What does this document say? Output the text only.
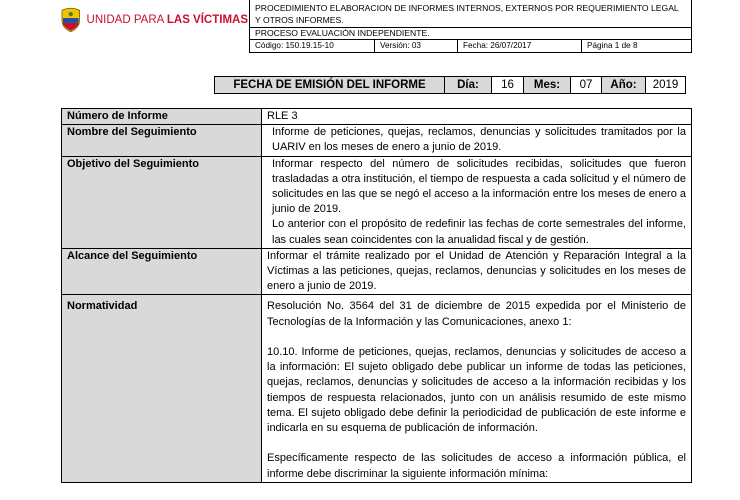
UNIDAD PARA LAS VÍCTIMAS
PROCEDIMIENTO ELABORACION DE INFORMES INTERNOS, EXTERNOS POR REQUERIMIENTO LEGAL Y OTROS INFORMES.
PROCESO EVALUACIÓN INDEPENDIENTE.
Código: 150.19.15-10	Versión: 03	Fecha: 26/07/2017	Página 1 de 8
FECHA DE EMISIÓN DEL INFORME	Día:	16	Mes:	07	Año:	2019
Número de Informe	RLE 3
Nombre del Seguimiento	Informe de peticiones, quejas, reclamos, denuncias y solicitudes tramitados por la UARIV en los meses de enero a junio de 2019.
Objetivo del Seguimiento	Informar respecto del número de solicitudes recibidas, solicitudes que fueron trasladadas a otra institución, el tiempo de respuesta a cada solicitud y el número de solicitudes en las que se negó el acceso a la información entre los meses de enero a junio de 2019.

Lo anterior con el propósito de redefinir las fechas de corte semestrales del informe, las cuales sean coincidentes con la anualidad fiscal y de gestión.

Alcance del Seguimiento	Informar el trámite realizado por el Unidad de Atención y Reparación Integral a la Víctimas a las peticiones, quejas, reclamos, denuncias y solicitudes en los meses de enero a junio de 2019.
Normatividad	Resolución No. 3564 del 31 de diciembre de 2015 expedida por el Ministerio de Tecnologías de la Información y las Comunicaciones, anexo 1:

10.10. Informe de peticiones, quejas, reclamos, denuncias y solicitudes de acceso a la información: El sujeto obligado debe publicar un informe de todas las peticiones, quejas, reclamos, denuncias y solicitudes de acceso a la información recibidas y los tiempos de respuesta relacionados, junto con un análisis resumido de este mismo tema. El sujeto obligado debe definir la periodicidad de publicación de este informe e indicarla en su esquema de publicación de información.

Específicamente respecto de las solicitudes de acceso a información pública, el informe debe discriminar la siguiente información mínima:
